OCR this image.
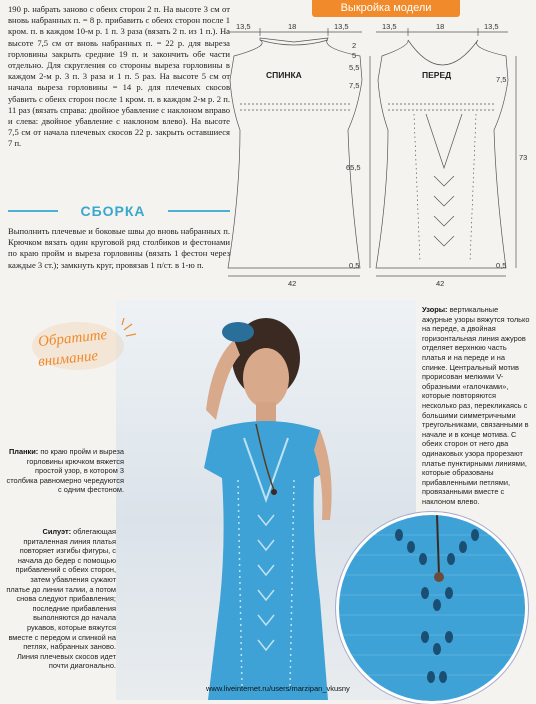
190 р. набрать заново с обеих сторон 2 п. На высоте 3 см от вновь набранных п. = 8 р. прибавить с обеих сторон после 1 кром. п. в каждом 10-м р. 1 п. 3 раза (вязать 2 п. из 1 п.). На высоте 7,5 см от вновь набранных п. = 22 р. для выреза горловины закрыть средние 19 п. и закончить обе части отдельно. Для скругления со стороны выреза горловины в каждом 2-м р. 3 п. 3 раза и 1 п. 5 раз. На высоте 5 см от начала выреза горловины = 14 р. для плечевых скосов убавить с обеих сторон после 1 кром. п. в каждом 2-м р. 2 п. 11 раз (вязать справа: двойное убавление с наклоном вправо и слева: двойное убавление с наклоном влево). На высоте 7,5 см от начала плечевых скосов 22 р. закрыть оставшиеся 7 п.

Выкройка модели
13,5	18	13,5	13,5	18	13,5
2
5
5,5
7,5
65,5
0,5
7,5
73
0,5
42	42
СПИНКА	ПЕРЕД
СБОРКА
Выполнить плечевые и боковые швы до вновь набранных п. Крючком вязать один круговой ряд столбиков и фестонами по краю пройм и выреза горловины (вязать 1 фестон через каждые 3 ст.); замкнуть круг, провязав 1 п/ст. в 1-ю п.
Обратите
внимание
Планки: по краю пройм и выреза горловины крючком вяжется простой узор, в котором 3 столбика равномерно чередуются с одним фестоном.
Силуэт: облегающая приталенная линия платья повторяет изгибы фигуры, с начала до бедер с помощью прибавлений с обеих сторон, затем убавления сужают платье до линии талии, а потом снова следуют прибавления; последние прибавления выполняются до начала рукавов, которые вяжутся вместе с передом и спинкой на петлях, набранных заново. Линия плечевых скосов идет почти диагонально.
Узоры: вертикальные ажурные узоры вяжутся только на переде, а двойная горизонтальная линия ажуров отделяет верхнюю часть платья и на переде и на спинке. Центральный мотив прорисован мелкими V-образными «галочками», которые повторяются несколько раз, перекликаясь с большими симметричными треугольниками, связанными в начале и в конце мотива. С обеих сторон от него два одинаковых узора прорезают платье пунктирными линиями, которые образованы прибавленными петлями, провязанными вместе с наклоном влево.
www.liveinternet.ru/users/marzipan_vkusny
